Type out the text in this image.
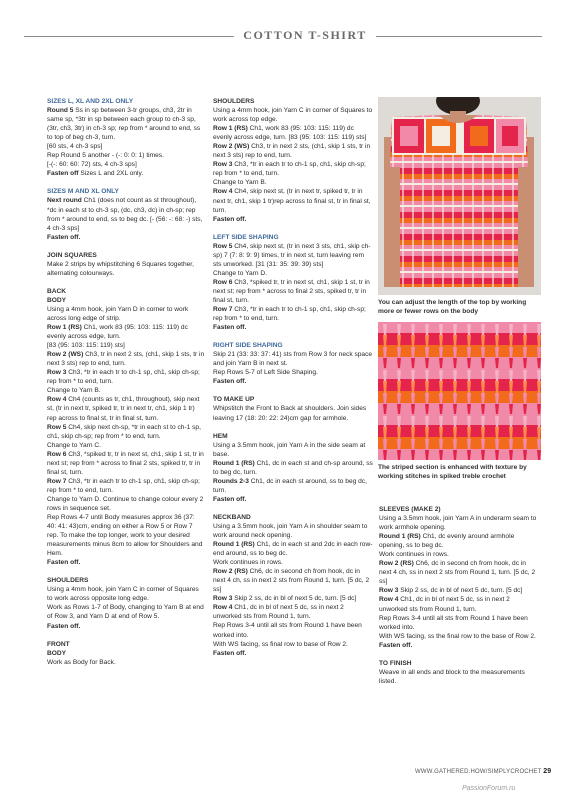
COTTON T-SHIRT

SIZES L, XL AND 2XL ONLY

Round 5 Ss in sp between 3-tr groups, ch3, 2tr in same sp, *3tr in sp between each group to ch-3 sp, (3tr, ch3, 3tr) in ch-3 sp; rep from * around to end, ss to top of beg ch-3, turn.

[60 sts, 4 ch-3 sps]

Rep Round 5 another - (-: 0: 0: 1) times.

[-(-: 60: 60: 72) sts, 4 ch-3 sps]

Fasten off Sizes L and 2XL only.

SIZES M AND XL ONLY

Next round Ch1 (does not count as st throughout), *dc in each st to ch-3 sp, (dc, ch3, dc) in ch-sp; rep from * around to end, ss to beg dc. [- (56: -: 68: -) sts, 4 ch-3 sps]

Fasten off.

JOIN SQUARES

Make 2 strips by whipstitching 6 Squares together, alternating colourways.

BACK

BODY

Using a 4mm hook, join Yarn D in corner to work across long edge of strip.

Row 1 (RS) Ch1, work 83 (95: 103: 115: 119) dc evenly across edge, turn.

[83 (95: 103: 115: 119) sts]

Row 2 (WS) Ch3, tr in next 2 sts, (ch1, skip 1 sts, tr in next 3 sts) rep to end, turn.

Row 3 Ch3, *tr in each tr to ch-1 sp, ch1, skip ch-sp; rep from * to end, turn.

Change to Yarn B.

Row 4 Ch4 (counts as tr, ch1, throughout), skip next st, (tr in next tr, spiked tr, tr in next tr, ch1, skip 1 tr) rep across to final st, tr in final st, turn.

Row 5 Ch4, skip next ch-sp, *tr in each st to ch-1 sp, ch1, skip ch-sp; rep from * to end, turn.

Change to Yarn C.

Row 6 Ch3, *spiked tr, tr in next st, ch1, skip 1 st, tr in next st; rep from * across to final 2 sts, spiked tr, tr in final st, turn.

Row 7 Ch3, *tr in each tr to ch-1 sp, ch1, skip ch-sp; rep from * to end, turn.

Change to Yarn D. Continue to change colour every 2 rows in sequence set.

Rep Rows 4-7 until Body measures approx 36 (37: 40: 41: 43)cm, ending on either a Row 5 or Row 7 rep. To make the top longer, work to your desired measurements minus 8cm to allow for Shoulders and Hem.

Fasten off.

SHOULDERS

Using a 4mm hook, join Yarn C in corner of Squares to work across opposite long edge.

Work as Rows 1-7 of Body, changing to Yarn B at end of Row 3, and Yarn D at end of Row 5.

Fasten off.

FRONT

BODY

Work as Body for Back.

SHOULDERS

Using a 4mm hook, join Yarn C in corner of Squares to work across top edge.

Row 1 (RS) Ch1, work 83 (95: 103: 115: 119) dc evenly across edge, turn. [83 (95: 103: 115: 119) sts]

Row 2 (WS) Ch3, tr in next 2 sts, (ch1, skip 1 sts, tr in next 3 sts) rep to end, turn.

Row 3 Ch3, *tr in each tr to ch-1 sp, ch1, skip ch-sp; rep from * to end, turn.

Change to Yarn B.

Row 4 Ch4, skip next st, (tr in next tr, spiked tr, tr in next tr, ch1, skip 1 tr)rep across to final st, tr in final st, turn.

Fasten off.

LEFT SIDE SHAPING

Row 5 Ch4, skip next st, (tr in next 3 sts, ch1, skip ch-sp) 7 (7: 8: 9: 9) times, tr in next st, turn leaving rem sts unworked. [31 (31: 35: 39: 39) sts]

Change to Yarn D.

Row 6 Ch3, *spiked tr, tr in next st, ch1, skip 1 st, tr in next st; rep from * across to final 2 sts, spiked tr, tr in final st, turn.

Row 7 Ch3, *tr in each tr to ch-1 sp, ch1, skip ch-sp; rep from * to end, turn.

Fasten off.

RIGHT SIDE SHAPING

Skip 21 (33: 33: 37: 41) sts from Row 3 for neck space and join Yarn B in next st.

Rep Rows 5-7 of Left Side Shaping.

Fasten off.

TO MAKE UP

Whipstitch the Front to Back at shoulders. Join sides leaving 17 (18: 20: 22: 24)cm gap for armhole.

HEM

Using a 3.5mm hook, join Yarn A in the side seam at base.

Round 1 (RS) Ch1, dc in each st and ch-sp around, ss to beg dc, turn.

Rounds 2-3 Ch1, dc in each st around, ss to beg dc, turn.

Fasten off.

NECKBAND

Using a 3.5mm hook, join Yarn A in shoulder seam to work around neck opening.

Round 1 (RS) Ch1, dc in each st and 2dc in each row-end around, ss to beg dc.

Work continues in rows.

Row 2 (RS) Ch6, dc in second ch from hook, dc in next 4 ch, ss in next 2 sts from Round 1, turn. [5 dc, 2 ss]

Row 3 Skip 2 ss, dc in bl of next 5 dc, turn. [5 dc]

Row 4 Ch1, dc in bl of next 5 dc, ss in next 2 unworked sts from Round 1, turn.

Rep Rows 3-4 until all sts from Round 1 have been worked into.

With WS facing, ss final row to base of Row 2.

Fasten off.

SLEEVES (MAKE 2)

Using a 3.5mm hook, join Yarn A in underarm seam to work armhole opening.

Round 1 (RS) Ch1, dc evenly around armhole opening, ss to beg dc.

Work continues in rows.

Row 2 (RS) Ch6, dc in second ch from hook, dc in next 4 ch, ss in next 2 sts from Round 1, turn. [5 dc, 2 ss]

Row 3 Skip 2 ss, dc in bl of next 5 dc, turn. [5 dc]

Row 4 Ch1, dc in bl of next 5 dc, ss in next 2 unworked sts from Round 1, turn.

Rep Rows 3-4 until all sts from Round 1 have been worked into.

With WS facing, ss the final row to the base of Row 2.

Fasten off.

TO FINISH

Weave in all ends and block to the measurements listed.

You can adjust the length of the top by working more or fewer rows on the body
The striped section is enhanced with texture by working stitches in spiked treble crochet
WWW.GATHERED.HOW/SIMPLYCROCHET 29
PassionForum.ru
